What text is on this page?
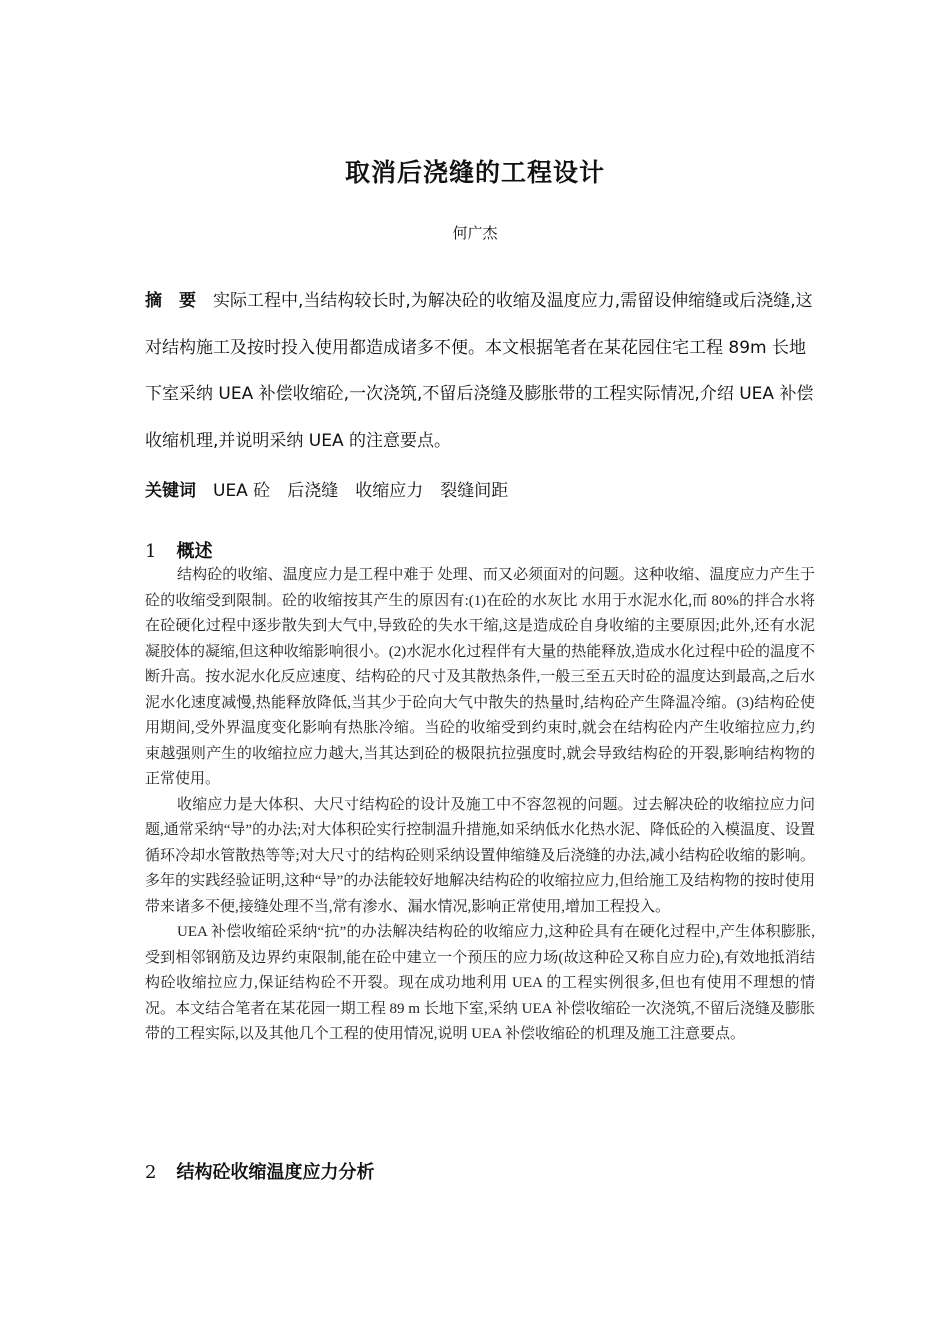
取消后浇缝的工程设计
何广杰
摘　要　 实际工程中,当结构较长时,为解决砼的收缩及温度应力,需留设伸缩缝或后浇缝,这对结构施工及按时投入使用都造成诸多不便。本文根据笔者在某花园住宅工程 89m 长地下室采纳 UEA 补偿收缩砼,一次浇筑,不留后浇缝及膨胀带的工程实际情况,介绍 UEA 补偿收缩机理,并说明采纳 UEA 的注意要点。
关键词　 UEA 砼　后浇缝　收缩应力　裂缝间距
1 概述

结构砼的收缩、温度应力是工程中难于 处理、而又必须面对的问题。这种收缩、温度应力产生于砼的收缩受到限制。砼的收缩按其产生的原因有:(1)在砼的水灰比 水用于水泥水化,而 80%的拌合水将在砼硬化过程中逐步散失到大气中,导致砼的失水干缩,这是造成砼自身收缩的主要原因;此外,还有水泥凝胶体的凝缩,但这种收缩影响很小。(2)水泥水化过程伴有大量的热能释放,造成水化过程中砼的温度不断升高。按水泥水化反应速度、结构砼的尺寸及其散热条件,一般三至五天时砼的温度达到最高,之后水泥水化速度减慢,热能释放降低,当其少于砼向大气中散失的热量时,结构砼产生降温冷缩。(3)结构砼使用期间,受外界温度变化影响有热胀冷缩。当砼的收缩受到约束时,就会在结构砼内产生收缩拉应力,约束越强则产生的收缩拉应力越大,当其达到砼的极限抗拉强度时,就会导致结构砼的开裂,影响结构物的正常使用。

收缩应力是大体积、大尺寸结构砼的设计及施工中不容忽视的问题。过去解决砼的收缩拉应力问题,通常采纳“导”的办法;对大体积砼实行控制温升措施,如采纳低水化热水泥、降低砼的入模温度、设置循环冷却水管散热等等;对大尺寸的结构砼则采纳设置伸缩缝及后浇缝的办法,减小结构砼收缩的影响。多年的实践经验证明,这种“导”的办法能较好地解决结构砼的收缩拉应力,但给施工及结构物的按时使用带来诸多不便,接缝处理不当,常有渗水、漏水情况,影响正常使用,增加工程投入。

UEA 补偿收缩砼采纳“抗”的办法解决结构砼的收缩应力,这种砼具有在硬化过程中,产生体积膨胀,受到相邻钢筋及边界约束限制,能在砼中建立一个预压的应力场(故这种砼又称自应力砼),有效地抵消结构砼收缩拉应力,保证结构砼不开裂。现在成功地利用 UEA 的工程实例很多,但也有使用不理想的情况。本文结合笔者在某花园一期工程 89 m 长地下室,采纳 UEA 补偿收缩砼一次浇筑,不留后浇缝及膨胀带的工程实际,以及其他几个工程的使用情况,说明 UEA 补偿收缩砼的机理及施工注意要点。

2 结构砼收缩温度应力分析
